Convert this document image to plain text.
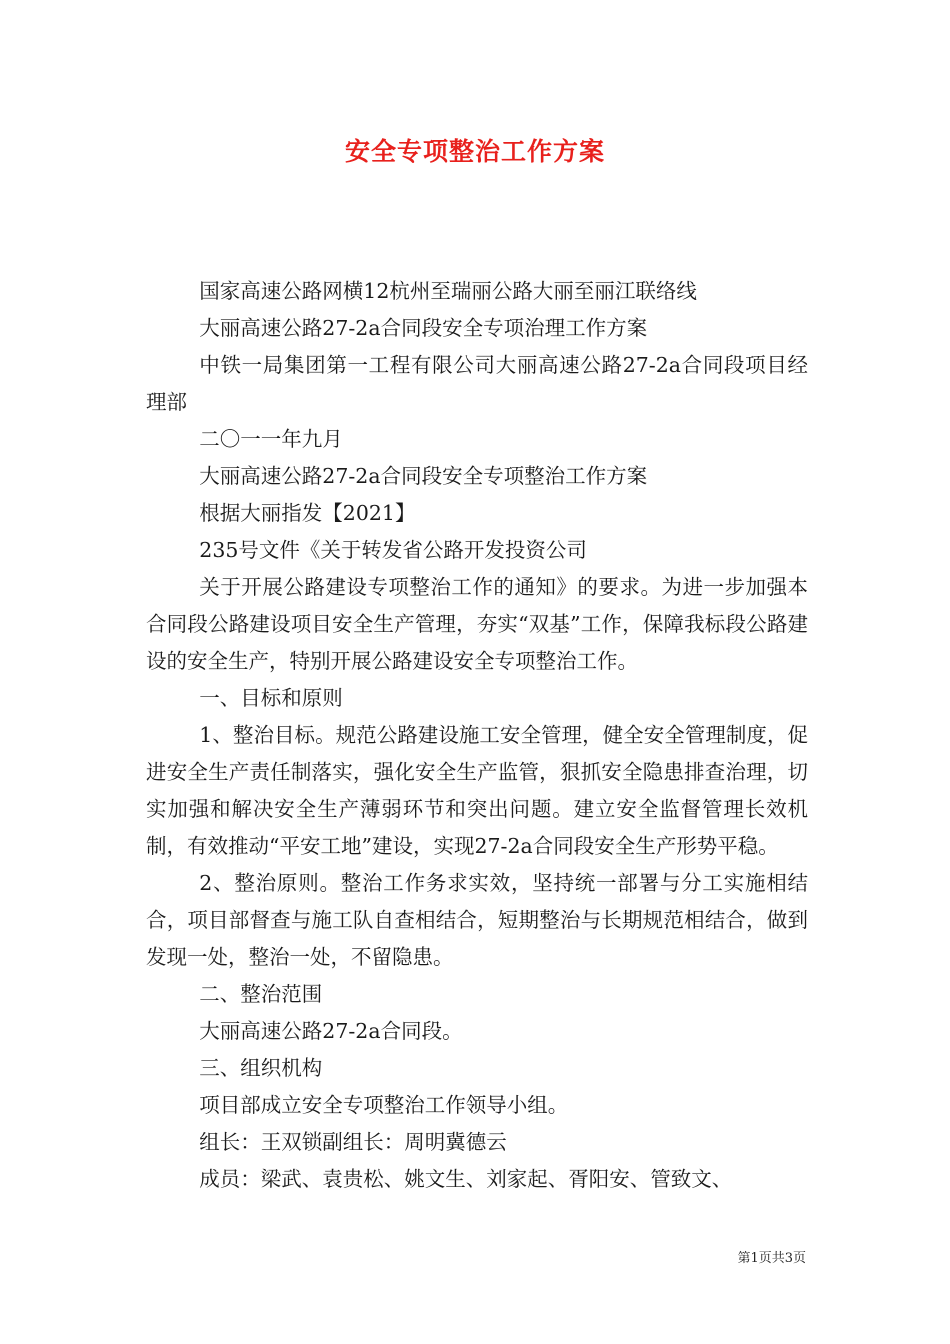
安全专项整治工作方案

国家高速公路网横12杭州至瑞丽公路大丽至丽江联络线

大丽高速公路27-2a合同段安全专项治理工作方案

中铁一局集团第一工程有限公司大丽高速公路27-2a合同段项目经理部

二〇一一年九月

大丽高速公路27-2a合同段安全专项整治工作方案

根据大丽指发【2021】

235号文件《关于转发省公路开发投资公司

关于开展公路建设专项整治工作的通知》的要求。为进一步加强本合同段公路建设项目安全生产管理，夯实“双基”工作，保障我标段公路建设的安全生产，特别开展公路建设安全专项整治工作。

一、目标和原则

1、整治目标。规范公路建设施工安全管理，健全安全管理制度，促进安全生产责任制落实，强化安全生产监管，狠抓安全隐患排查治理，切实加强和解决安全生产薄弱环节和突出问题。建立安全监督管理长效机制，有效推动“平安工地”建设，实现27-2a合同段安全生产形势平稳。

2、整治原则。整治工作务求实效，坚持统一部署与分工实施相结合，项目部督查与施工队自查相结合，短期整治与长期规范相结合，做到发现一处，整治一处，不留隐患。

二、整治范围

大丽高速公路27-2a合同段。

三、组织机构

项目部成立安全专项整治工作领导小组。

组长：王双锁副组长：周明冀德云

成员：梁武、袁贵松、姚文生、刘家起、胥阳安、管致文、

第1页共3页
